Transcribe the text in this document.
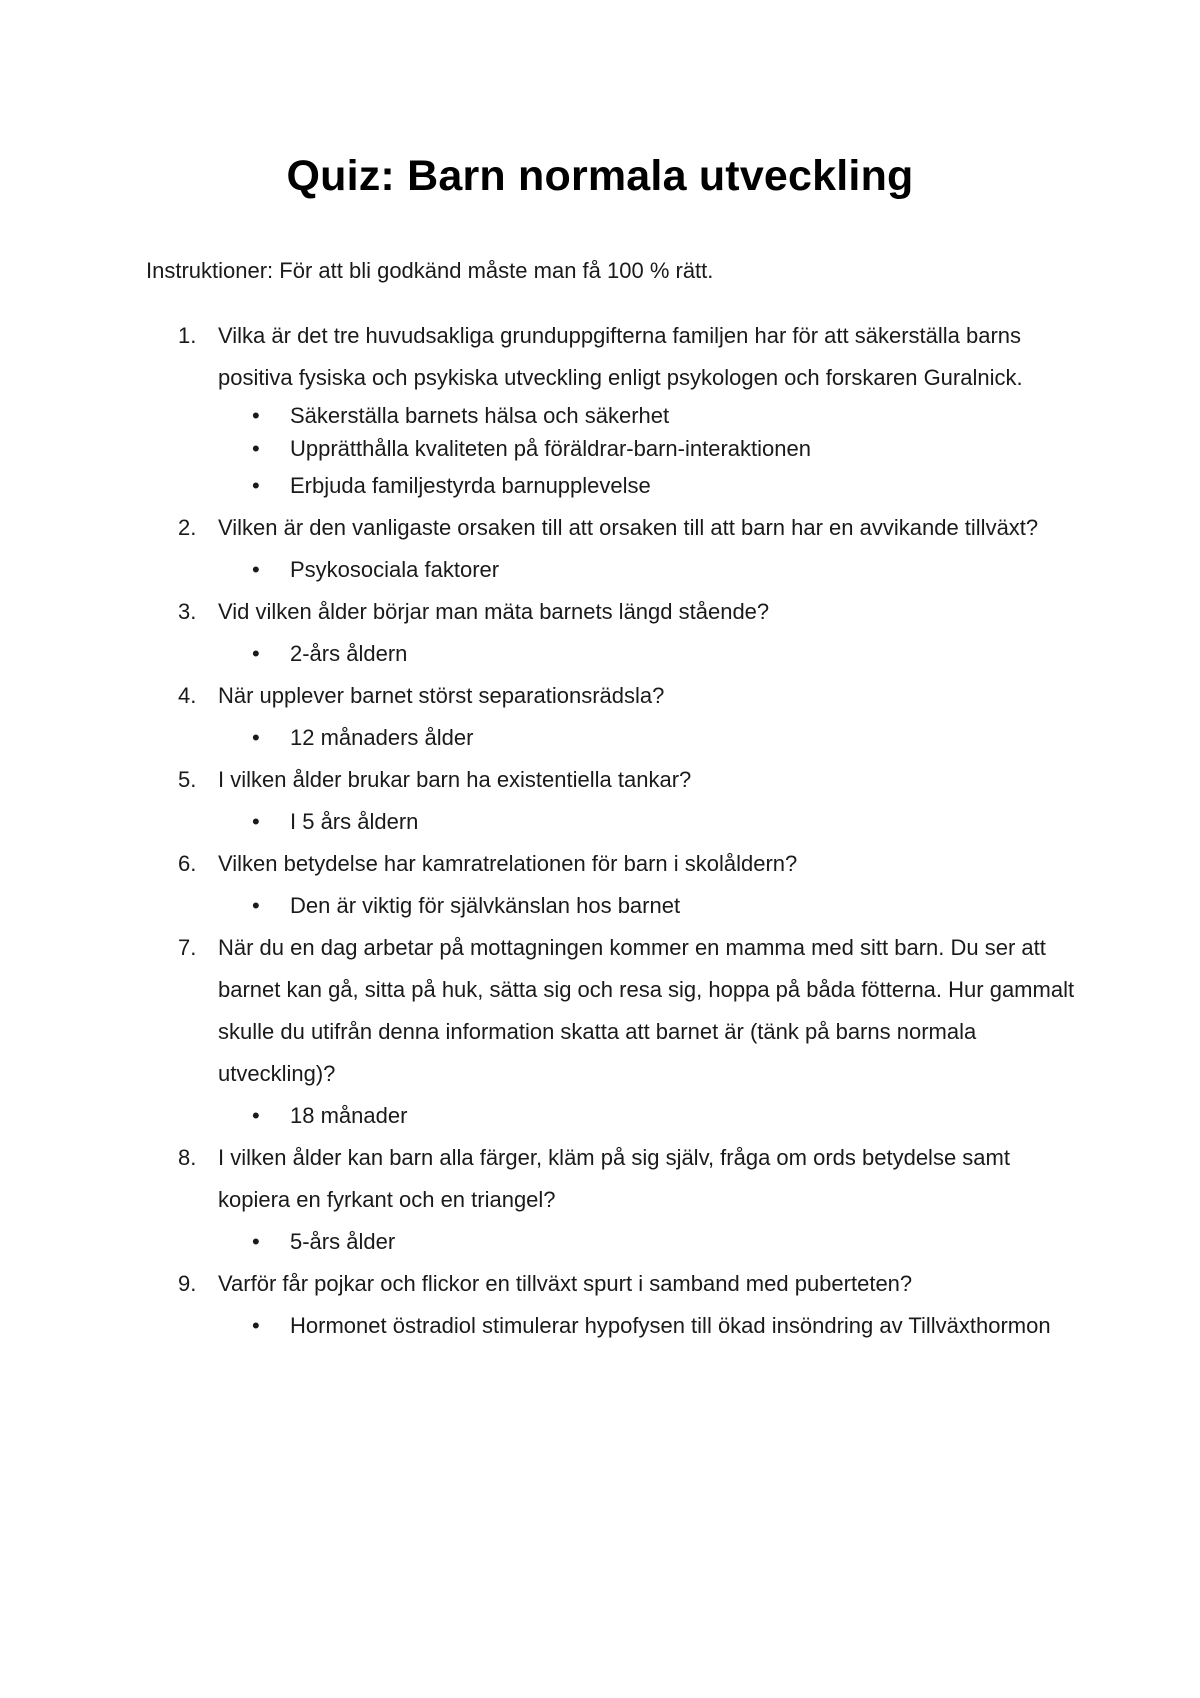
Quiz: Barn normala utveckling

Instruktioner: För att bli godkänd måste man få 100 % rätt.

1. Vilka är det tre huvudsakliga grunduppgifterna familjen har för att säkerställa barns positiva fysiska och psykiska utveckling enligt psykologen och forskaren Guralnick.
• Säkerställa barnets hälsa och säkerhet
• Upprätthålla kvaliteten på föräldrar-barn-interaktionen
• Erbjuda familjestyrda barnupplevelse
2. Vilken är den vanligaste orsaken till att orsaken till att barn har en avvikande tillväxt?
• Psykosociala faktorer
3. Vid vilken ålder börjar man mäta barnets längd stående?
• 2-års åldern
4. När upplever barnet störst separationsrädsla?
• 12 månaders ålder
5. I vilken ålder brukar barn ha existentiella tankar?
• I 5 års åldern
6. Vilken betydelse har kamratrelationen för barn i skolåldern?
• Den är viktig för självkänslan hos barnet
7. När du en dag arbetar på mottagningen kommer en mamma med sitt barn. Du ser att barnet kan gå, sitta på huk, sätta sig och resa sig, hoppa på båda fötterna. Hur gammalt skulle du utifrån denna information skatta att barnet är (tänk på barns normala utveckling)?
• 18 månader
8. I vilken ålder kan barn alla färger, kläm på sig själv, fråga om ords betydelse samt kopiera en fyrkant och en triangel?
• 5-års ålder
9. Varför får pojkar och flickor en tillväxt spurt i samband med puberteten?
• Hormonet östradiol stimulerar hypofysen till ökad insöndring av Tillväxthormon
